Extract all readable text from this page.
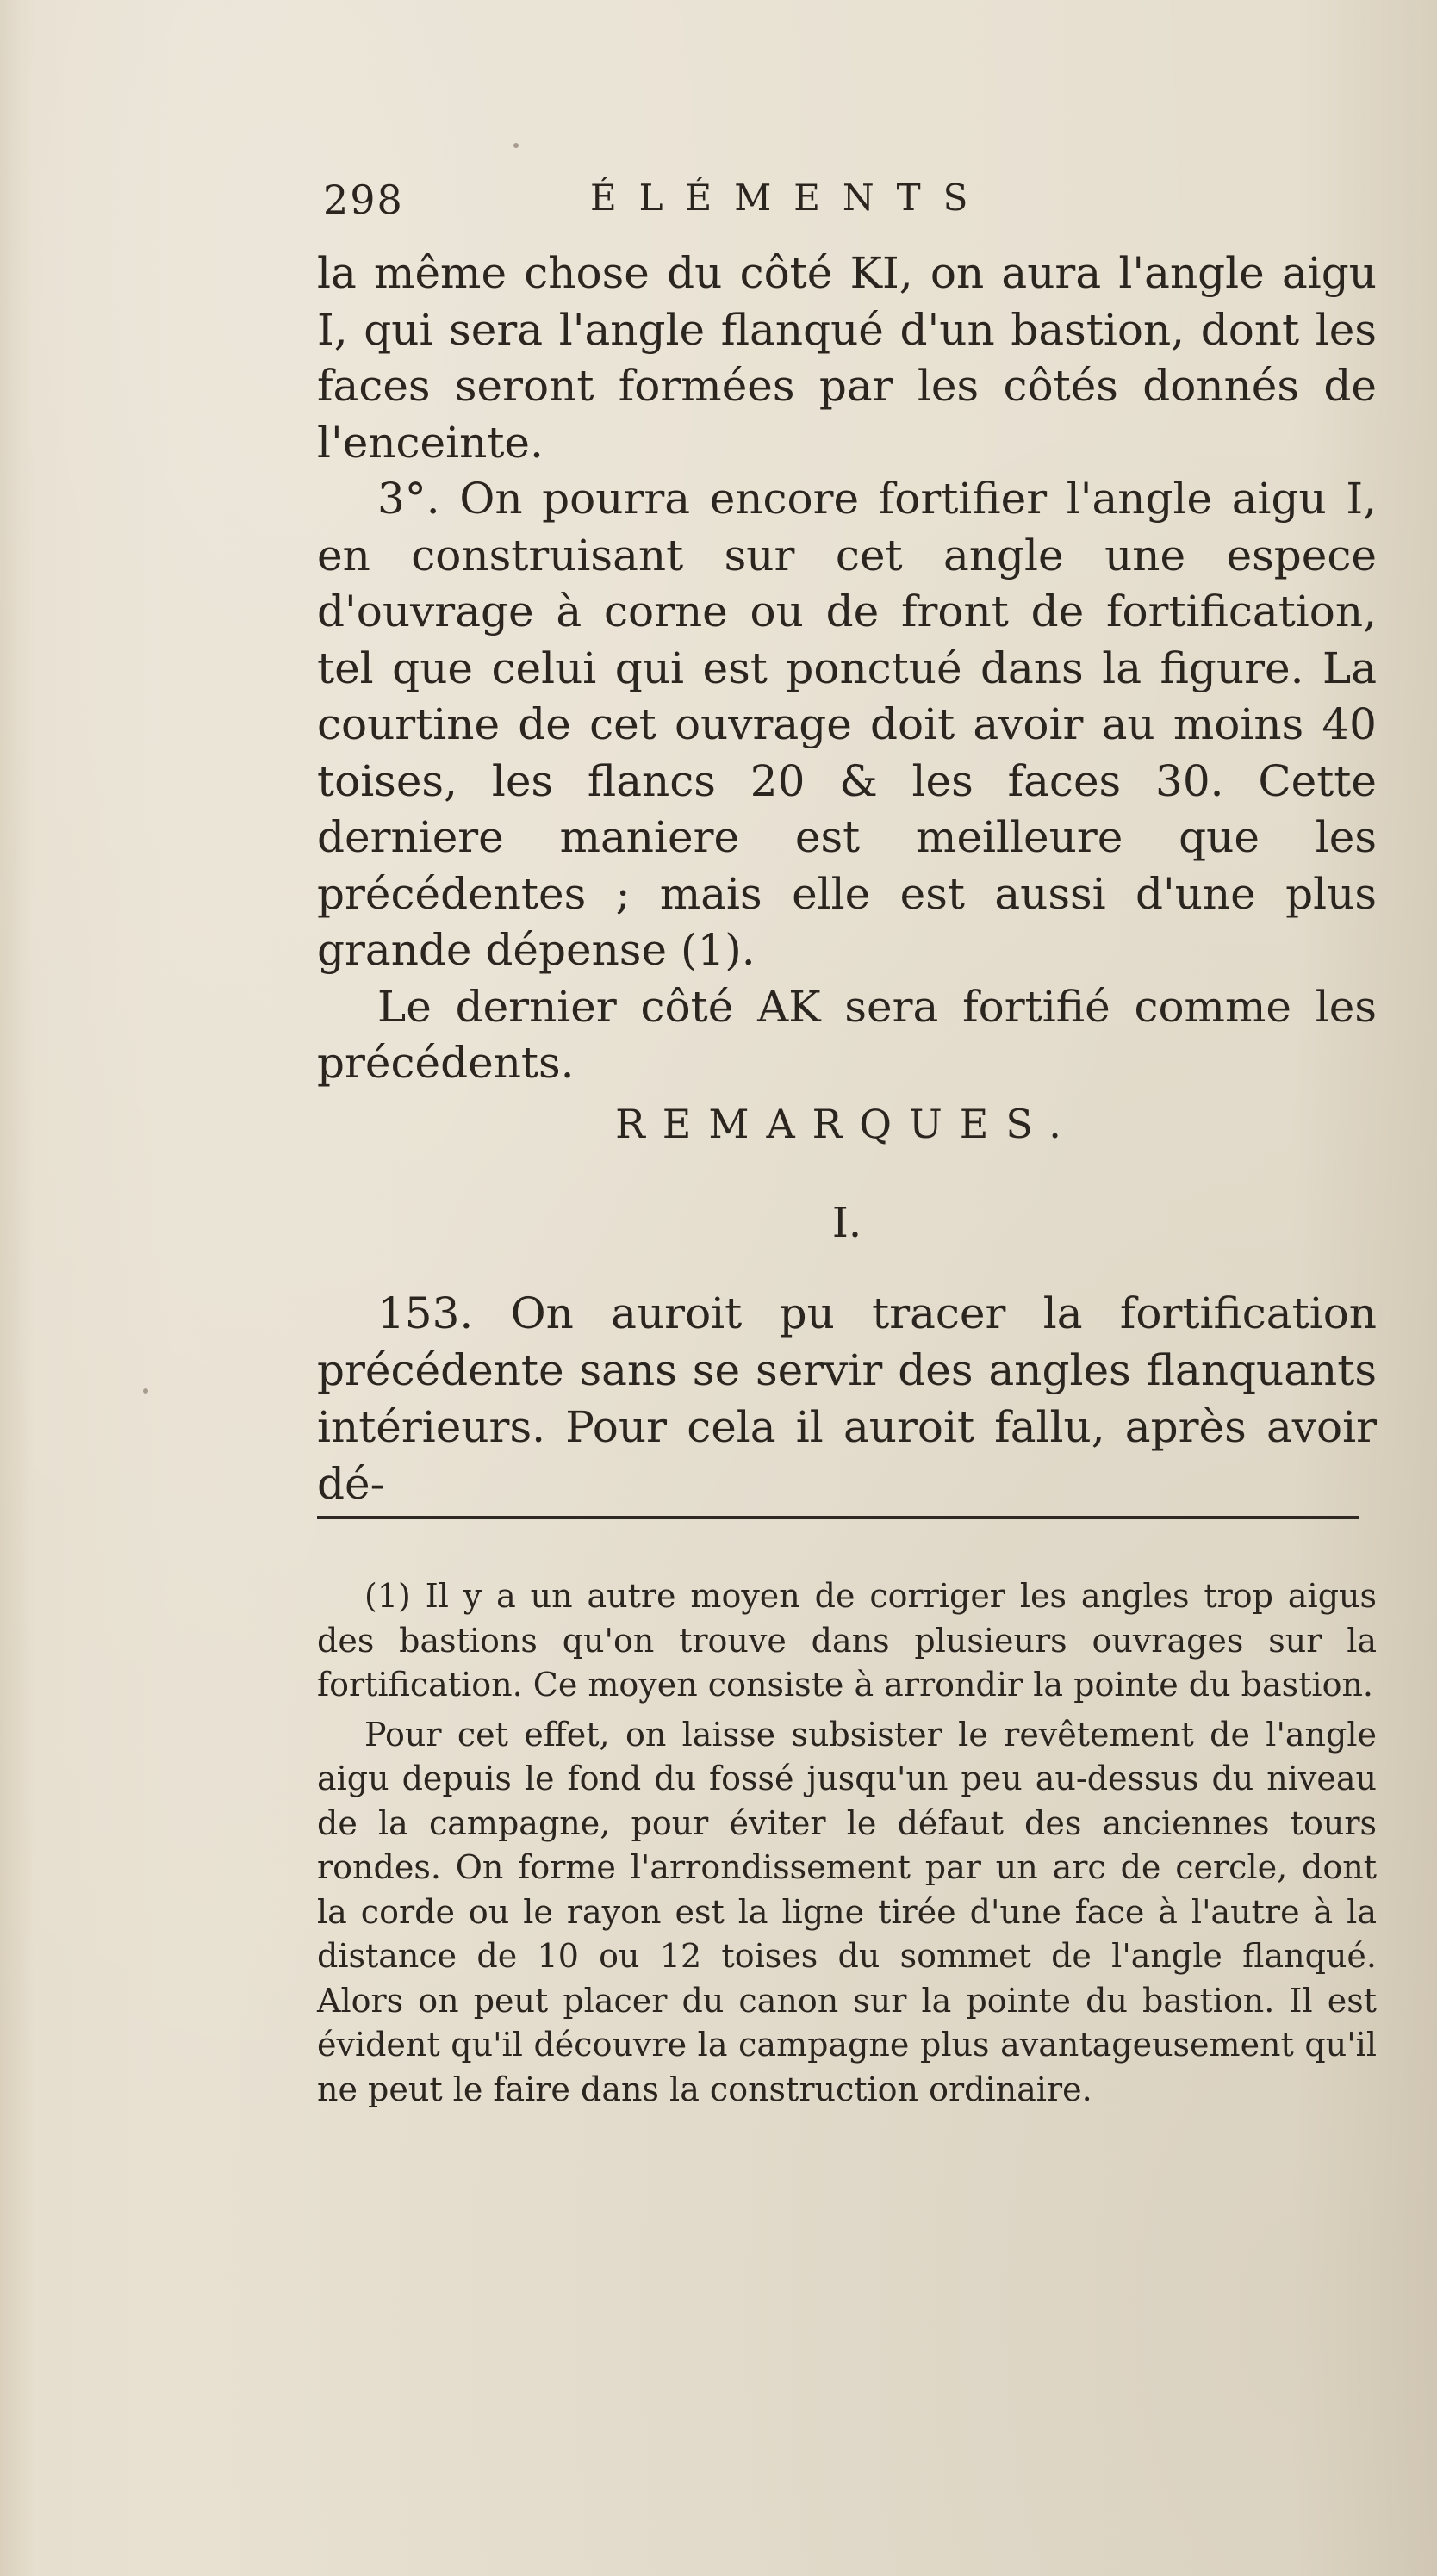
298	ÉLÉMENTS

la même chose du côté KI, on aura l'angle aigu I, qui sera l'angle flanqué d'un bastion, dont les faces seront formées par les côtés donnés de l'enceinte.

3°. On pourra encore fortifier l'angle aigu I, en construisant sur cet angle une espece d'ouvrage à corne ou de front de fortification, tel que celui qui est ponctué dans la figure. La courtine de cet ouvrage doit avoir au moins 40 toises, les flancs 20 & les faces 30. Cette derniere maniere est meilleure que les précédentes ; mais elle est aussi d'une plus grande dépense (1).

Le dernier côté AK sera fortifié comme les précédents.

REMARQUES.
I.

153. On auroit pu tracer la fortification précédente sans se servir des angles flanquants intérieurs. Pour cela il auroit fallu, après avoir dé-

(1) Il y a un autre moyen de corriger les angles trop aigus des bastions qu'on trouve dans plusieurs ouvrages sur la fortification. Ce moyen consiste à arrondir la pointe du bastion.

Pour cet effet, on laisse subsister le revêtement de l'angle aigu depuis le fond du fossé jusqu'un peu au-dessus du niveau de la campagne, pour éviter le défaut des anciennes tours rondes. On forme l'arrondissement par un arc de cercle, dont la corde ou le rayon est la ligne tirée d'une face à l'autre à la distance de 10 ou 12 toises du sommet de l'angle flanqué. Alors on peut placer du canon sur la pointe du bastion. Il est évident qu'il découvre la campagne plus avantageusement qu'il ne peut le faire dans la construction ordinaire.
